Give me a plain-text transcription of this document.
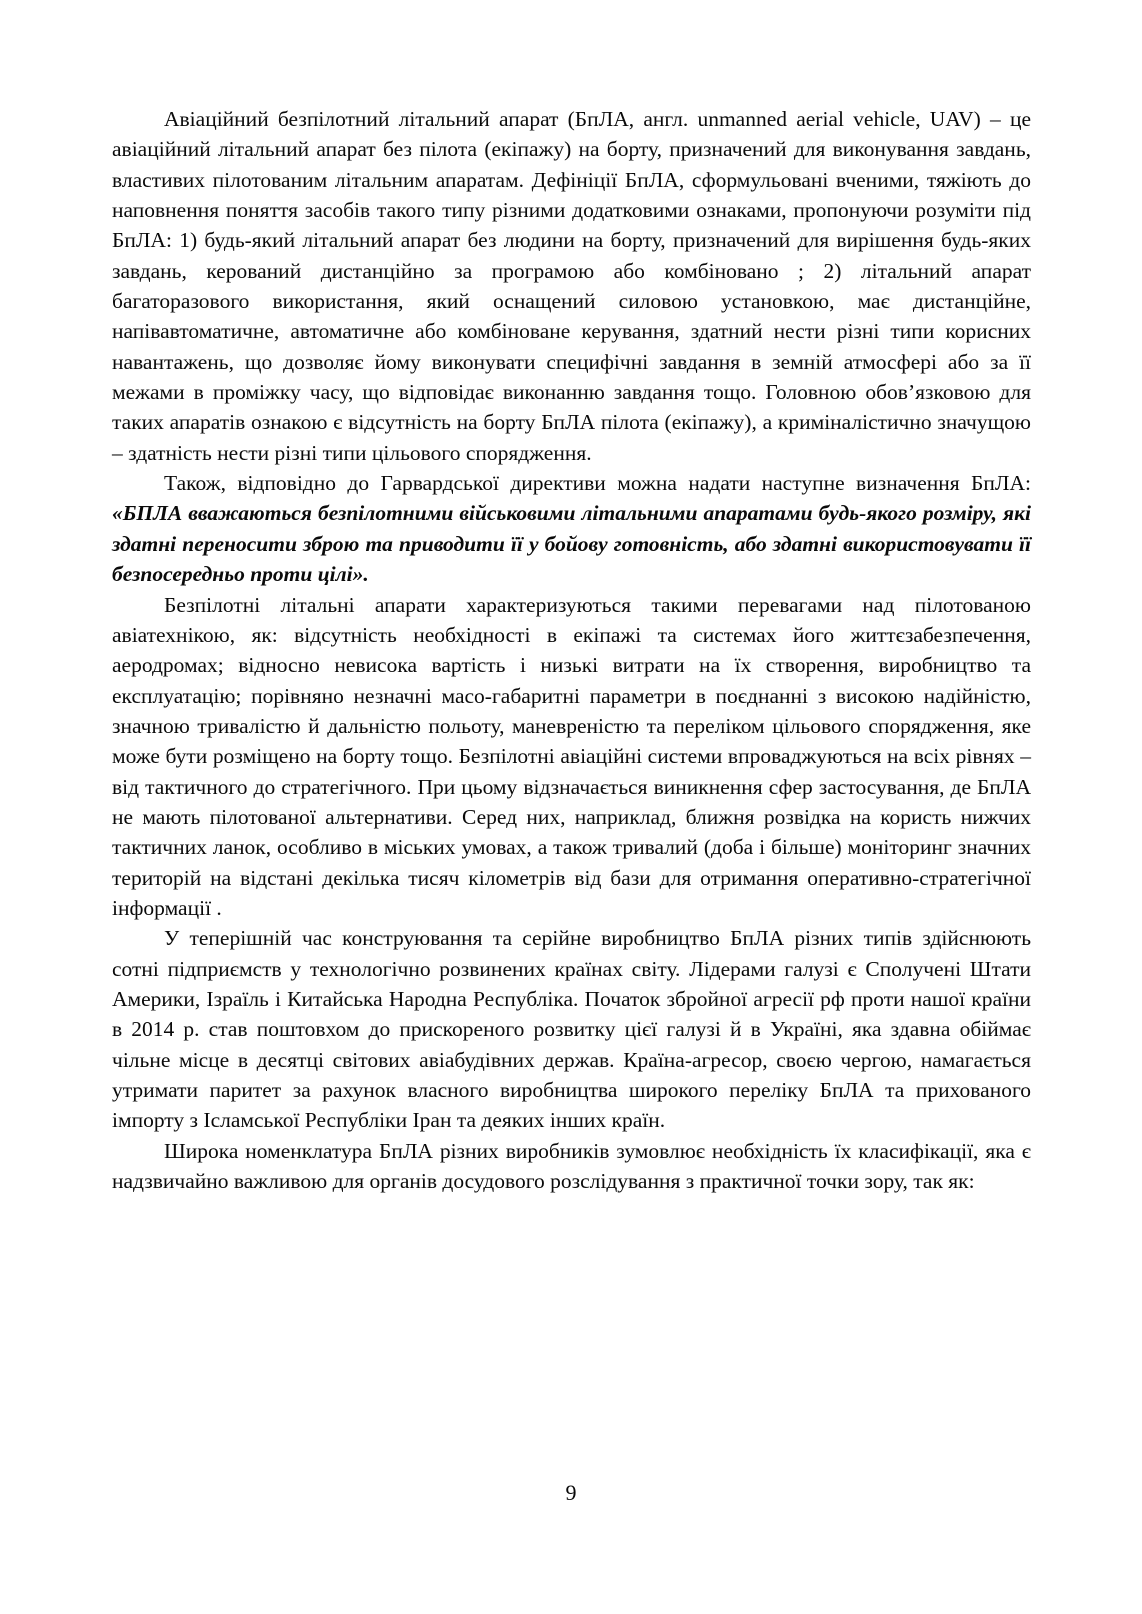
Авіаційний безпілотний літальний апарат (БпЛА, англ. unmanned aerial vehicle, UAV) – це авіаційний літальний апарат без пілота (екіпажу) на борту, призначений для виконування завдань, властивих пілотованим літальним апаратам. Дефініції БпЛА, сформульовані вченими, тяжіють до наповнення поняття засобів такого типу різними додатковими ознаками, пропонуючи розуміти під БпЛА: 1) будь-який літальний апарат без людини на борту, призначений для вирішення будь-яких завдань, керований дистанційно за програмою або комбіновано ; 2) літальний апарат багаторазового використання, який оснащений силовою установкою, має дистанційне, напівавтоматичне, автоматичне або комбіноване керування, здатний нести різні типи корисних навантажень, що дозволяє йому виконувати специфічні завдання в земній атмосфері або за її межами в проміжку часу, що відповідає виконанню завдання тощо. Головною обов’язковою для таких апаратів ознакою є відсутність на борту БпЛА пілота (екіпажу), а криміналістично значущою – здатність нести різні типи цільового спорядження.

Також, відповідно до Гарвардської директиви можна надати наступне визначення БпЛА: «БПЛА вважаються безпілотними військовими літальними апаратами будь-якого розміру, які здатні переносити зброю та приводити її у бойову готовність, або здатні використовувати її безпосередньо проти цілі».

Безпілотні літальні апарати характеризуються такими перевагами над пілотованою авіатехнікою, як: відсутність необхідності в екіпажі та системах його життєзабезпечення, аеродромах; відносно невисока вартість і низькі витрати на їх створення, виробництво та експлуатацію; порівняно незначні масо-габаритні параметри в поєднанні з високою надійністю, значною тривалістю й дальністю польоту, маневреністю та переліком цільового спорядження, яке може бути розміщено на борту тощо. Безпілотні авіаційні системи впроваджуються на всіх рівнях – від тактичного до стратегічного. При цьому відзначається виникнення сфер застосування, де БпЛА не мають пілотованої альтернативи. Серед них, наприклад, ближня розвідка на користь нижчих тактичних ланок, особливо в міських умовах, а також тривалий (доба і більше) моніторинг значних територій на відстані декілька тисяч кілометрів від бази для отримання оперативно-стратегічної інформації .

У теперішній час конструювання та серійне виробництво БпЛА різних типів здійснюють сотні підприємств у технологічно розвинених країнах світу. Лідерами галузі є Сполучені Штати Америки, Ізраїль і Китайська Народна Республіка. Початок збройної агресії рф проти нашої країни в 2014 р. став поштовхом до прискореного розвитку цієї галузі й в Україні, яка здавна обіймає чільне місце в десятці світових авіабудівних держав. Країна-агресор, своєю чергою, намагається утримати паритет за рахунок власного виробництва широкого переліку БпЛА та прихованого імпорту з Ісламської Республіки Іран та деяких інших країн.

Широка номенклатура БпЛА різних виробників зумовлює необхідність їх класифікації, яка є надзвичайно важливою для органів досудового розслідування з практичної точки зору, так як:

9
